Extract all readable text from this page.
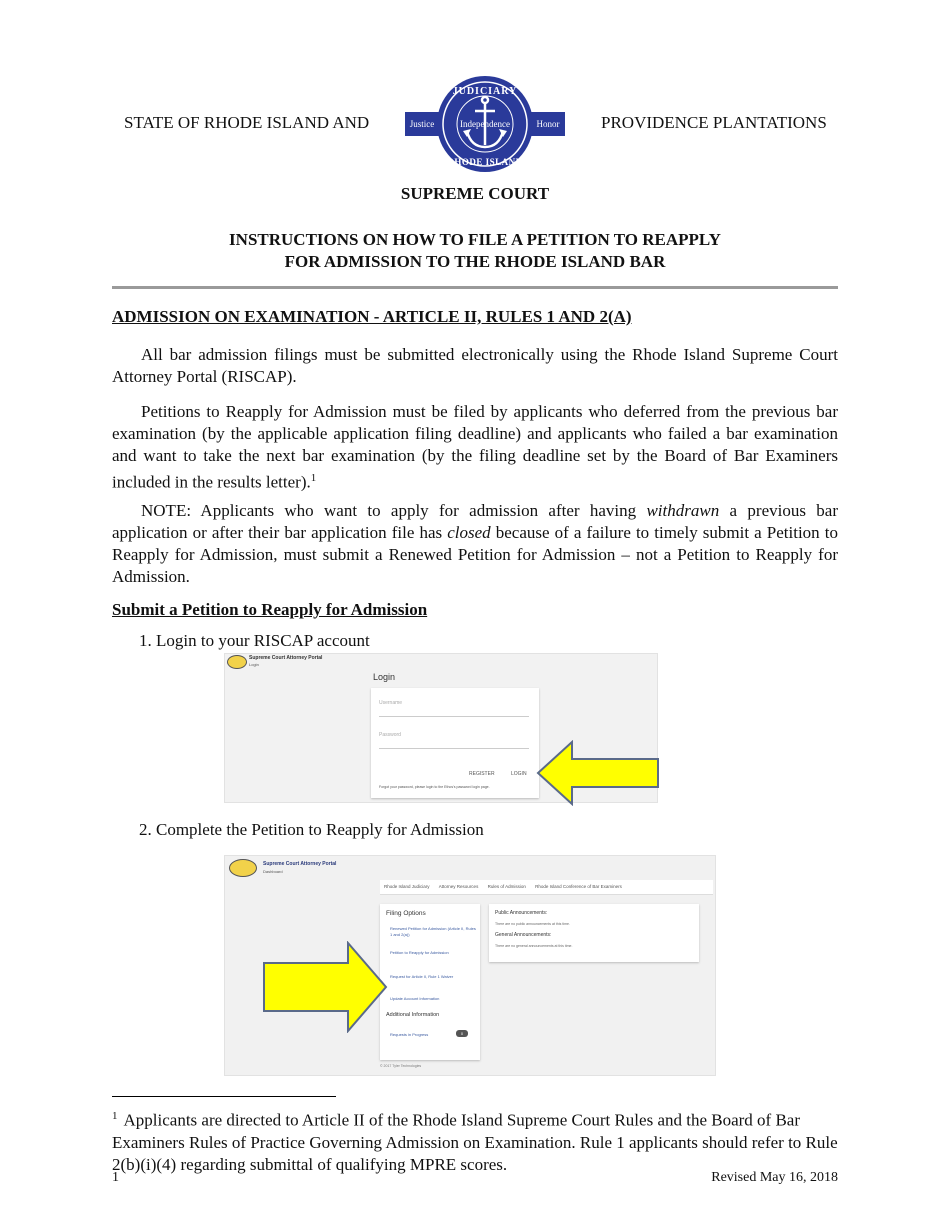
STATE OF RHODE ISLAND AND	PROVIDENCE PLANTATIONS
JUDICIARY
RHODE ISLAND
Justice	Independence	Honor
SUPREME COURT
INSTRUCTIONS ON HOW TO FILE A PETITION TO REAPPLY
FOR ADMISSION TO THE RHODE ISLAND BAR
ADMISSION ON EXAMINATION - ARTICLE II, RULES 1 AND 2(A)
All bar admission filings must be submitted electronically using the Rhode Island Supreme Court Attorney Portal (RISCAP).
Petitions to Reapply for Admission must be filed by applicants who deferred from the previous bar examination (by the applicable application filing deadline) and applicants who failed a bar examination and want to take the next bar examination (by the filing deadline set by the Board of Bar Examiners included in the results letter).$^1$
NOTE: Applicants who want to apply for admission after having withdrawn a previous bar application or after their bar application file has closed because of a failure to timely submit a Petition to Reapply for Admission, must submit a Renewed Petition for Admission – not a Petition to Reapply for Admission.
Submit a Petition to Reapply for Admission
1. Login to your RISCAP account
Supreme Court Attorney Portal
Login
Login
Username
Password
REGISTER	LOGIN
Forgot your password, please login to the Ethos's password login page.
2. Complete the Petition to Reapply for Admission
Supreme Court Attorney Portal
Dashboard
Rhode Island Judiciary Attorney Resources Rules of Admission Rhode Island Conference of Bar Examiners
Filing Options
Renewed Petition for Admission (Article II, Rules 1 and 2(a))
Petition to Reapply for Admission
Request for Article II, Rule 1 Waiver
Update Account Information
Additional Information
Requests in Progress	0
Public Announcements:
There are no public announcements at this time.
General Announcements:
There are no general announcements at this time.
© 2017 Tyler Technologies
$^1$ Applicants are directed to Article II of the Rhode Island Supreme Court Rules and the Board of Bar Examiners Rules of Practice Governing Admission on Examination. Rule 1 applicants should refer to Rule 2(b)(i)(4) regarding submittal of qualifying MPRE scores.
1	Revised May 16, 2018
